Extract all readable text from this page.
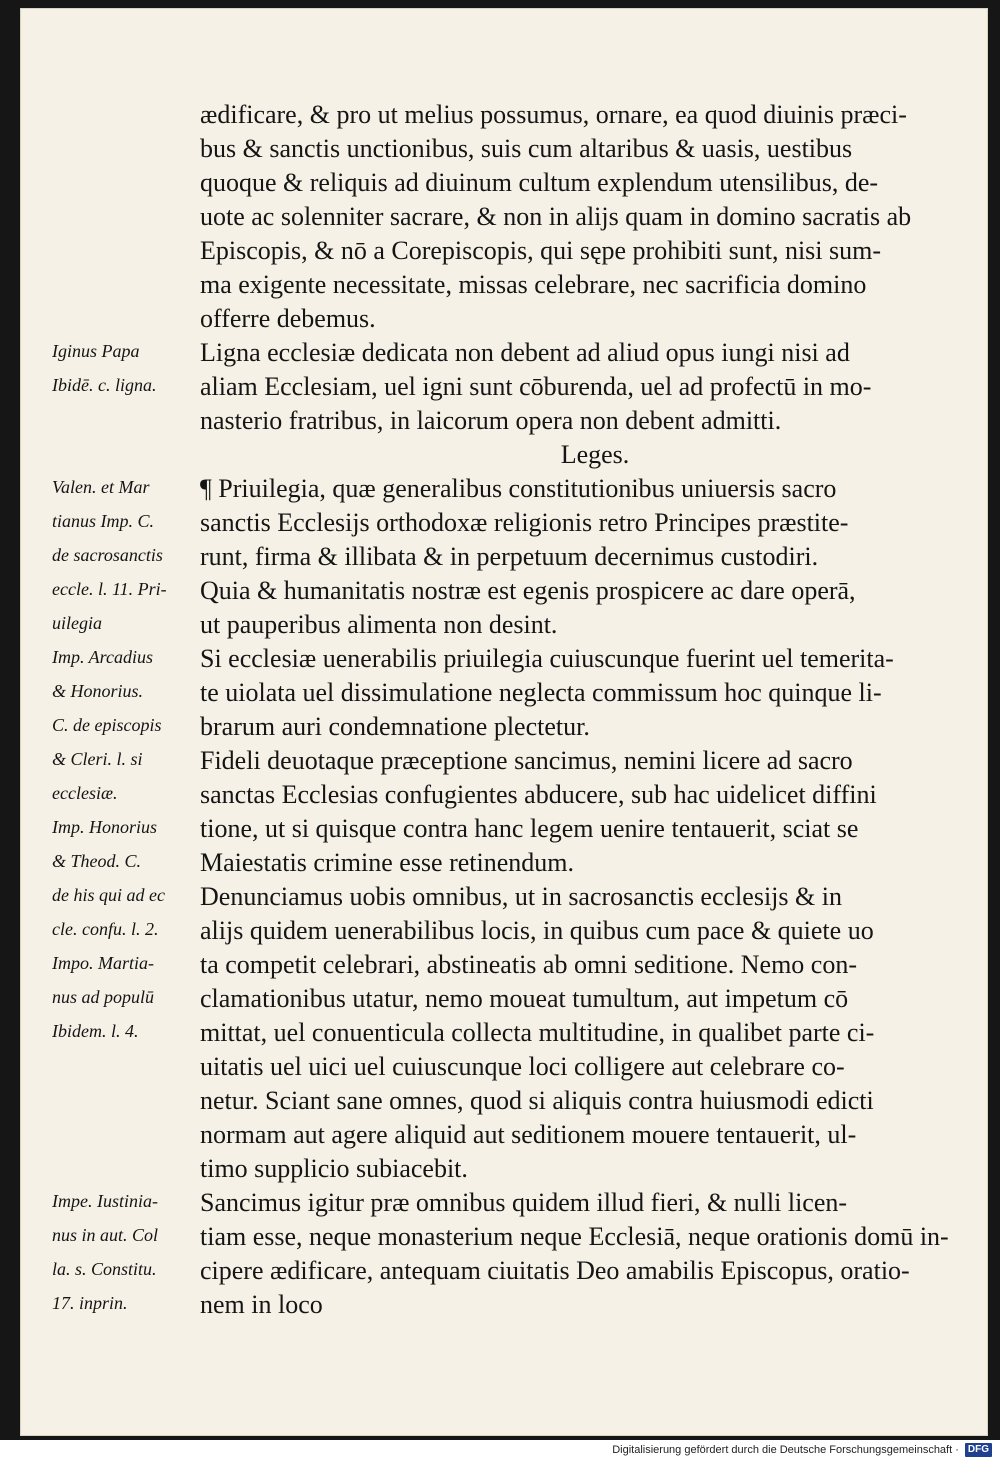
ædificare, & pro ut melius possumus, ornare, ea quod diuinis præci-
bus & sanctis unctionibus, suis cum altaribus & uasis, uestibus
quoque & reliquis ad diuinum cultum explendum utensilibus, de-
uote ac solenniter sacrare, & non in alijs quam in domino sacratis ab
Episcopis, & nō a Corepiscopis, qui sępe prohibiti sunt, nisi sum-
ma exigente necessitate, missas celebrare, nec sacrificia domino
offerre debemus.
Ligna ecclesiæ dedicata non debent ad aliud opus iungi nisi ad
aliam Ecclesiam, uel igni sunt cōburenda, uel ad profectū in mo-
nasterio fratribus, in laicorum opera non debent admitti.
Leges.
¶ Priuilegia, quæ generalibus constitutionibus uniuersis sacro
sanctis Ecclesijs orthodoxæ religionis retro Principes præstite-
runt, firma & illibata & in perpetuum decernimus custodiri.
Quia & humanitatis nostræ est egenis prospicere ac dare operā,
ut pauperibus alimenta non desint.
Si ecclesiæ uenerabilis priuilegia cuiuscunque fuerint uel temerita-
te uiolata uel dissimulatione neglecta commissum hoc quinque li-
brarum auri condemnatione plectetur.
Fideli deuotaque præceptione sancimus, nemini licere ad sacro
sanctas Ecclesias confugientes abducere, sub hac uidelicet diffini
tione, ut si quisque contra hanc legem uenire tentauerit, sciat se
Maiestatis crimine esse retinendum.
Denunciamus uobis omnibus, ut in sacrosanctis ecclesijs & in
alijs quidem uenerabilibus locis, in quibus cum pace & quiete uo
ta competit celebrari, abstineatis ab omni seditione. Nemo con-
clamationibus utatur, nemo moueat tumultum, aut impetum cō
mittat, uel conuenticula collecta multitudine, in qualibet parte ci-
uitatis uel uici uel cuiuscunque loci colligere aut celebrare co-
netur. Sciant sane omnes, quod si aliquis contra huiusmodi edicti
normam aut agere aliquid aut seditionem mouere tentauerit, ul-
timo supplicio subiacebit.
Sancimus igitur præ omnibus quidem illud fieri, & nulli licen-
tiam esse, neque monasterium neque Ecclesiā, neque orationis domū in-
cipere ædificare, antequam ciuitatis Deo amabilis Episcopus, oratio-
nem in loco
Iginus Papa
Ibidē. c. ligna.
Valen. et Mar
tianus Imp. C.
de sacrosanctis
eccle. l. 11. Pri-
uilegia
Imp. Arcadius
& Honorius.
C. de episcopis
& Cleri. l. si
ecclesiæ.
Imp. Honorius
& Theod. C.
de his qui ad ec
cle. confu. l. 2.
Impo. Martia-
nus ad populū
Ibidem. l. 4.
Impe. Iustinia-
nus in aut. Col
la. s. Constitu.
17. inprin.
Digitalisierung gefördert durch die Deutsche Forschungsgemeinschaft · DFG
